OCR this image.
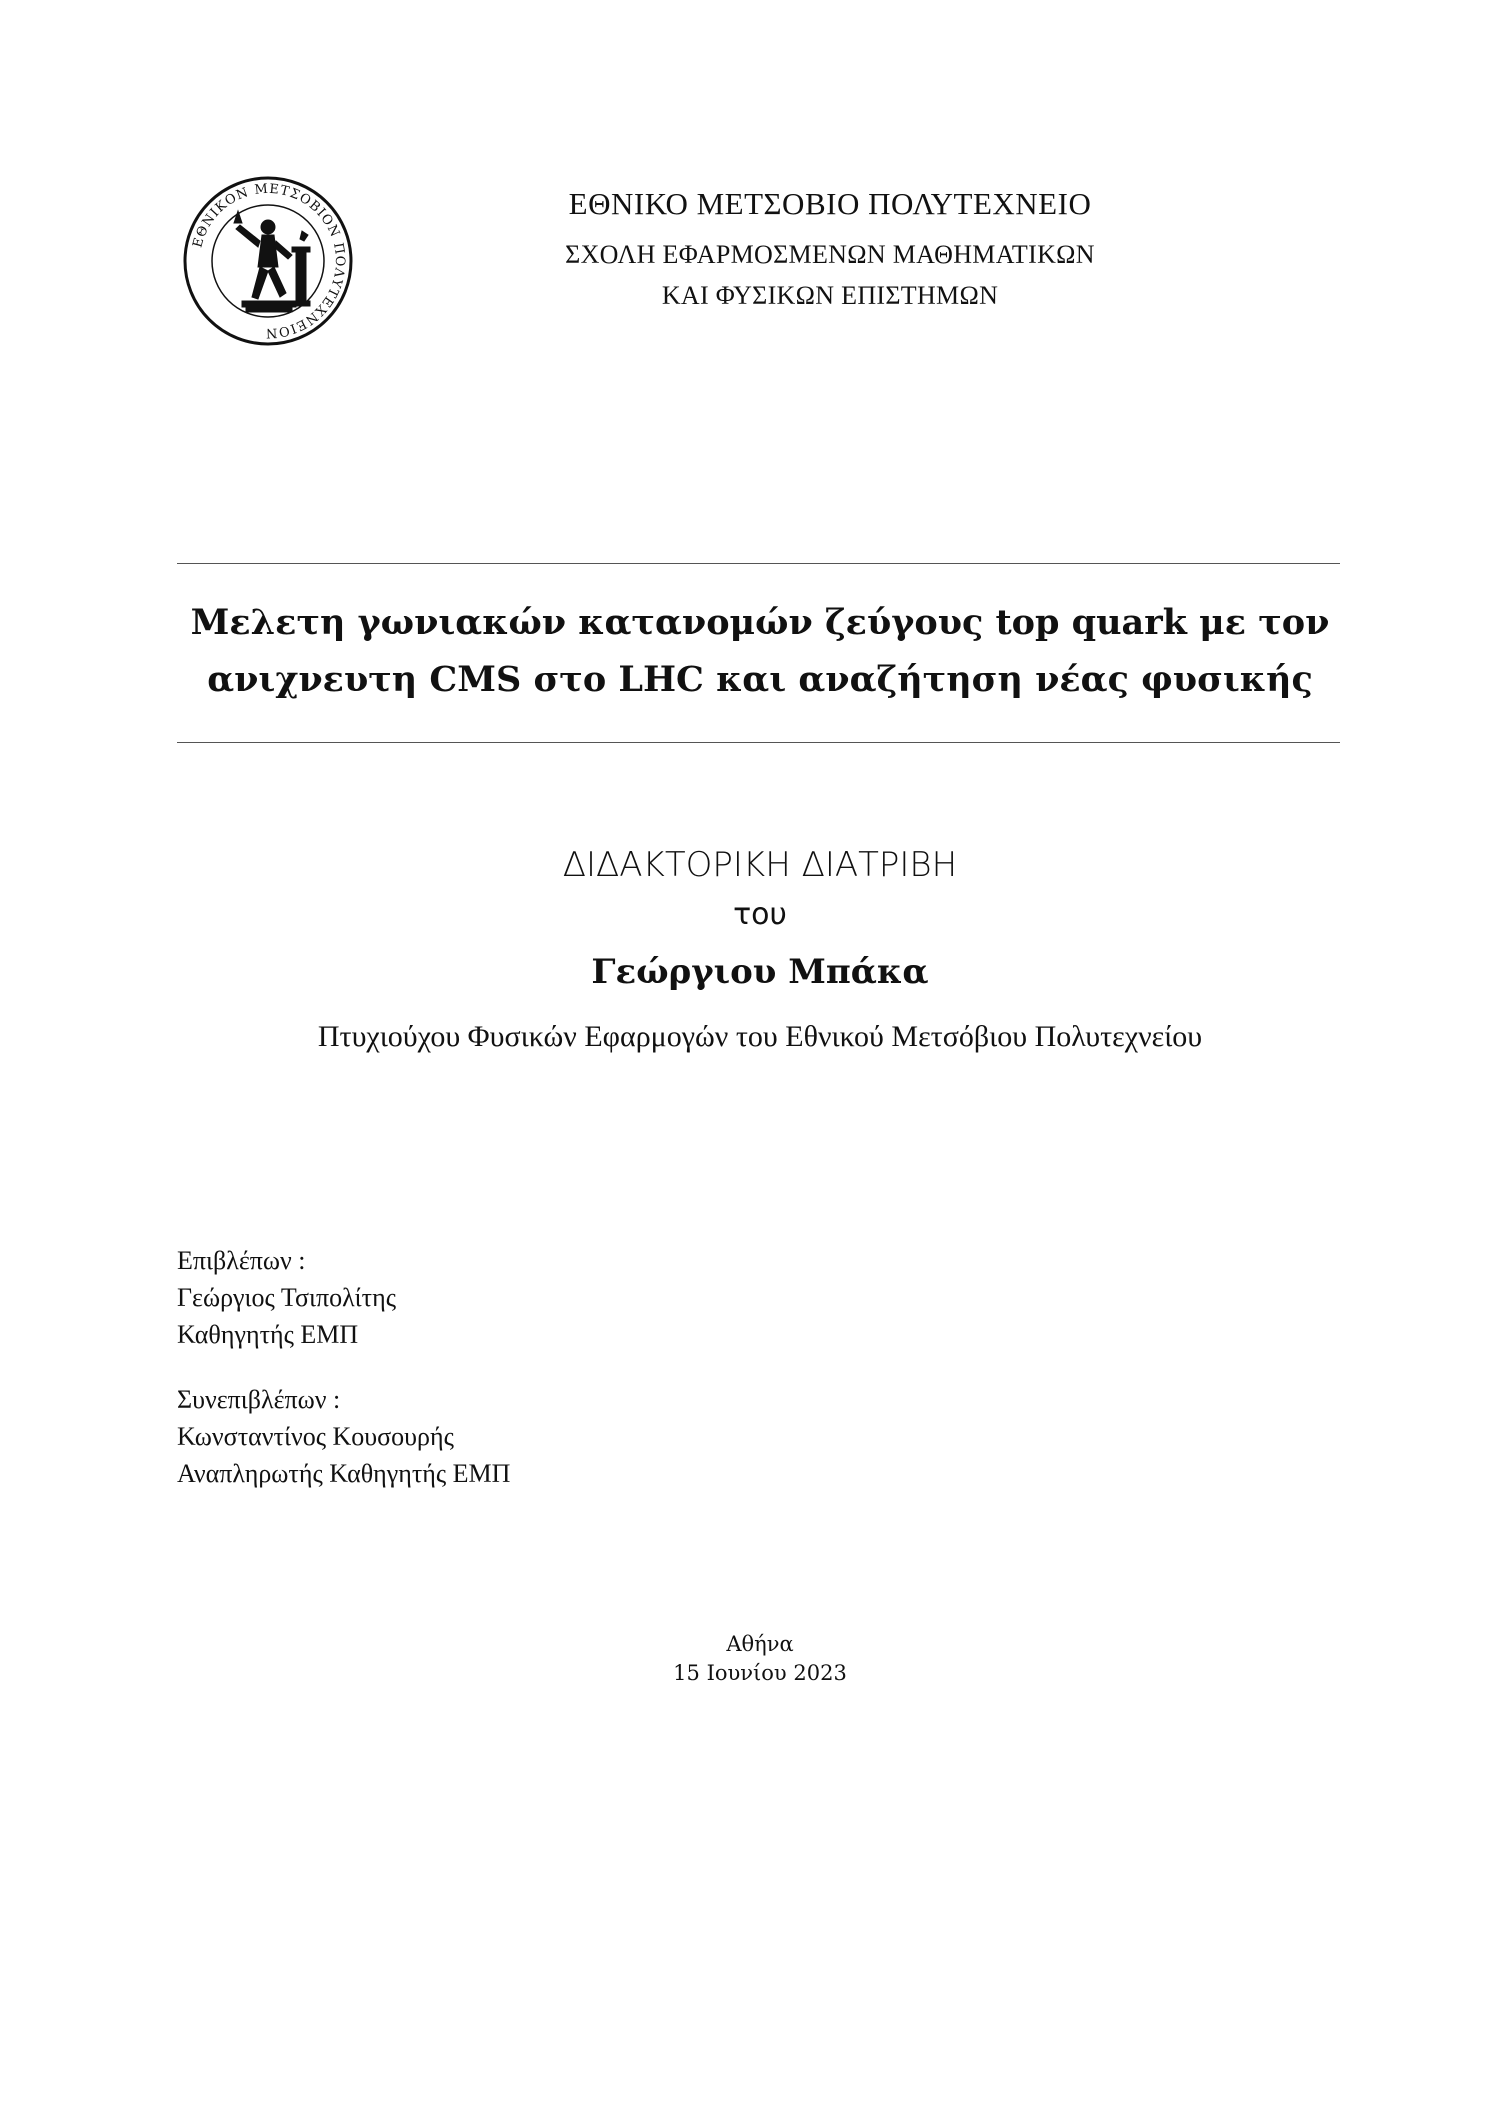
ΕΘΝΙΚΟΝ ΜΕΤΣΟΒΙΟΝ ΠΟΛΥΤΕΧΝΕΙΟΝ
ΕΘΝΙΚΟ ΜΕΤΣΟΒΙΟ ΠΟΛΥΤΕΧΝΕΙΟ
ΣΧΟΛΗ ΕΦΑΡΜΟΣΜΕΝΩΝ ΜΑΘΗΜΑΤΙΚΩΝ
ΚΑΙ ΦΥΣΙΚΩΝ ΕΠΙΣΤΗΜΩΝ
Μελετη γωνιακών κατανομών ζεύγους top quark με τον
ανιχνευτη CMS στο LHC και αναζήτηση νέας φυσικής
ΔΙΔΑΚΤΟΡΙΚΗ ΔΙΑΤΡΙΒΗ
του
Γεώργιου Μπάκα
Πτυχιούχου Φυσικών Εφαρμογών του Εθνικού Μετσόβιου Πολυτεχνείου
Επιβλέπων :
Γεώργιος Τσιπολίτης
Καθηγητής ΕΜΠ
Συνεπιβλέπων :
Κωνσταντίνος Κουσουρής
Αναπληρωτής Καθηγητής ΕΜΠ
Αθήνα
15 Ιουνίου 2023
